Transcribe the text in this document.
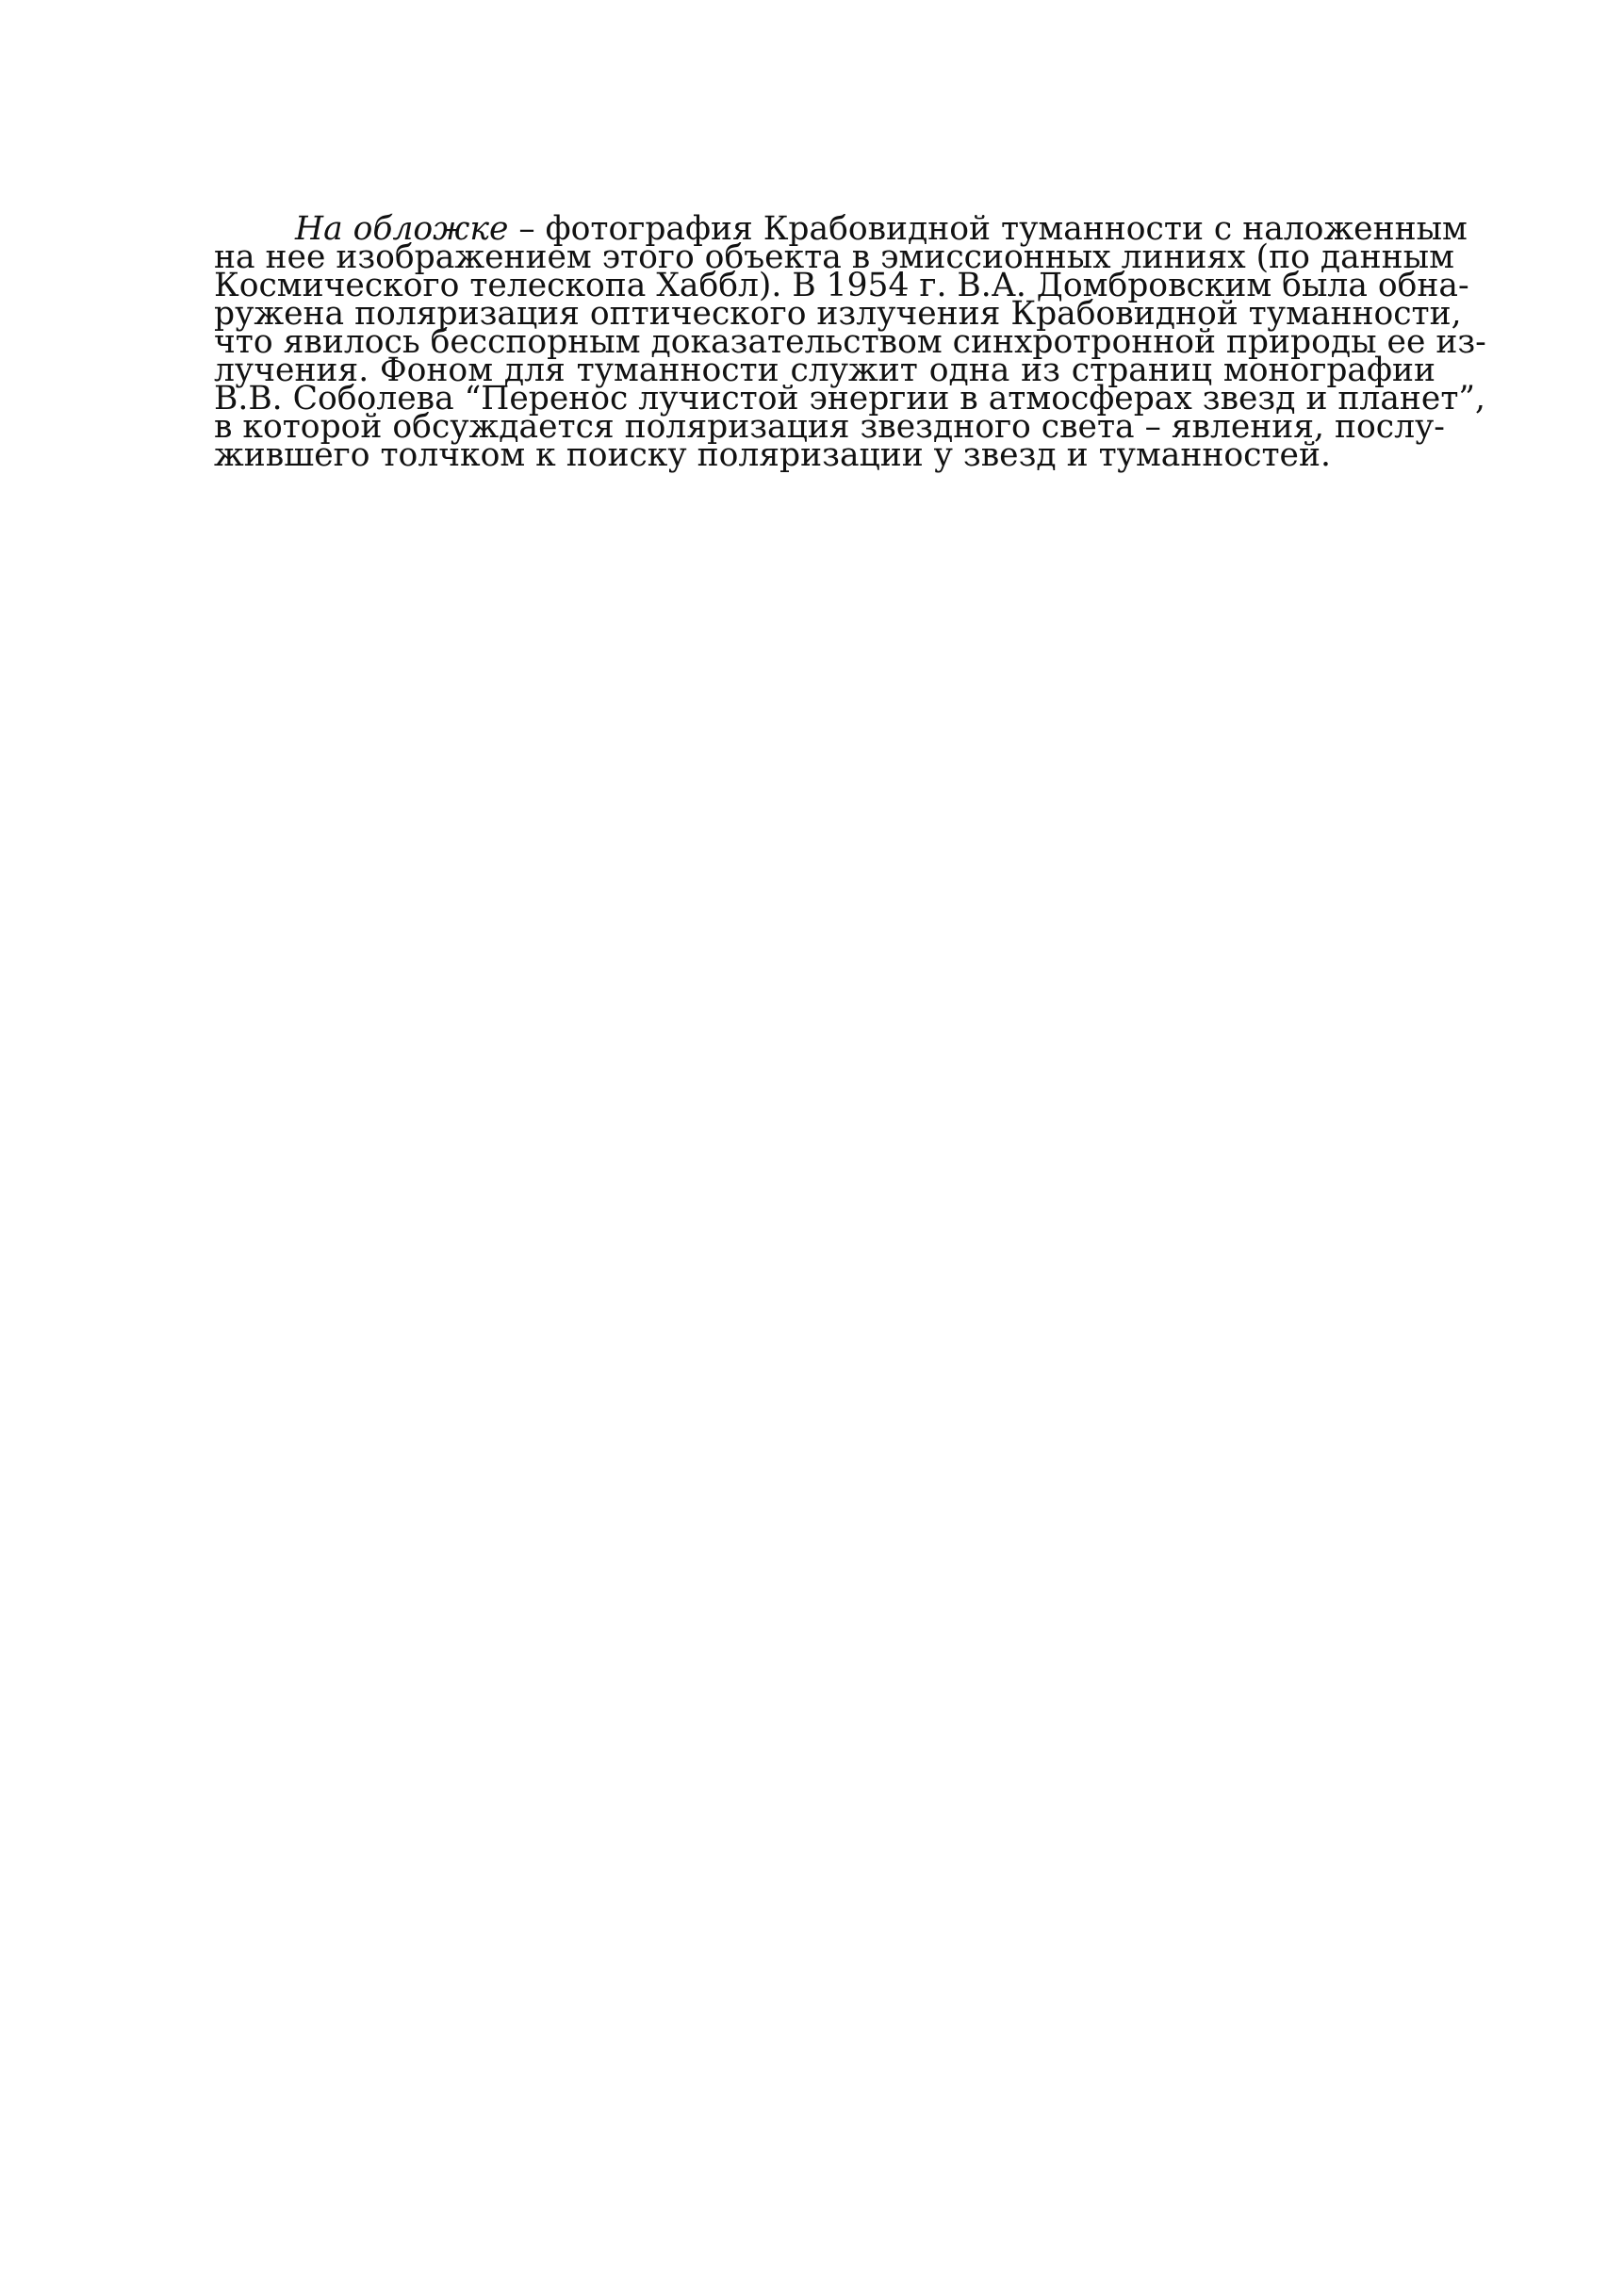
На обложке – фотография Крабовидной туманности с наложенным
на нее изображением этого объекта в эмиссионных линиях (по данным
Космического телескопа Хаббл). В 1954 г. В.А. Домбровским была обна-
ружена поляризация оптического излучения Крабовидной туманности,
что явилось бесспорным доказательством синхротронной природы ее из-
лучения. Фоном для туманности служит одна из страниц монографии
В.В. Соболева “Перенос лучистой энергии в атмосферах звезд и планет”,
в которой обсуждается поляризация звездного света – явления, послу-
жившего толчком к поиску поляризации у звезд и туманностей.
